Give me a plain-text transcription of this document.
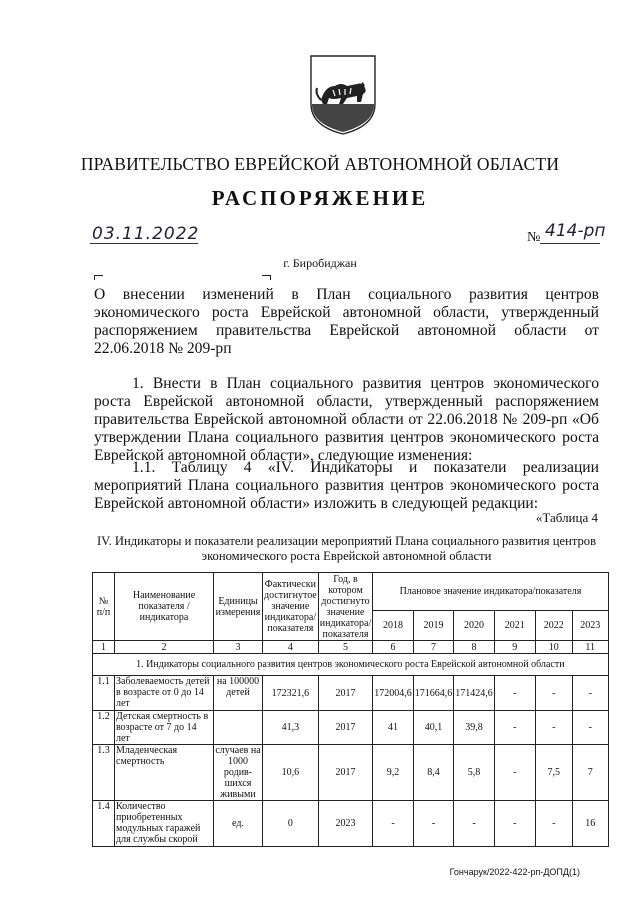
ПРАВИТЕЛЬСТВО ЕВРЕЙСКОЙ АВТОНОМНОЙ ОБЛАСТИ
РАСПОРЯЖЕНИЕ
03.11.2022	№ 414-рп
г. Биробиджан
О внесении изменений в План социального развития центров экономического роста Еврейской автономной области, утвержденный распоряжением правительства Еврейской автономной области от 22.06.2018 № 209-рп
1. Внести в План социального развития центров экономического роста Еврейской автономной области, утвержденный распоряжением правительства Еврейской автономной области от 22.06.2018 № 209-рп «Об утверждении Плана социального развития центров экономического роста Еврейской автономной области», следующие изменения:
1.1. Таблицу 4 «IV. Индикаторы и показатели реализации мероприятий Плана социального развития центров экономического роста Еврейской автономной области» изложить в следующей редакции:
«Таблица 4
IV. Индикаторы и показатели реализации мероприятий Плана социального развития центров экономического роста Еврейской автономной области
№ п/п	Наименование показателя / индикатора	Единицы измерения	Фактически достигнутое значение индикатора/ показателя	Год, в котором достигнуто значение индикатора/ показателя	Плановое значение индикатора/показателя					
					2018	2019	2020	2021	2022	2023
1	2	3	4	5	6	7	8	9	10	11
1. Индикаторы социального развития центров экономического роста Еврейской автономной области										
1.1	Заболеваемость детей в возрасте от 0 до 14 лет	на 100000 детей	172321,6	2017	172004,6	171664,6	171424,6	-	-	-
1.2	Детская смертность в возрасте от 7 до 14 лет		41,3	2017	41	40,1	39,8	-	-	-
1.3	Младенческая смертность	случаев на 1000 родив-шихся живыми	10,6	2017	9,2	8,4	5,8	-	7,5	7
1.4	Количество приобретенных модульных гаражей для службы скорой	ед.	0	2023	-	-	-	-	-	16
Гончарук/2022-422-рп-ДОПД(1)
